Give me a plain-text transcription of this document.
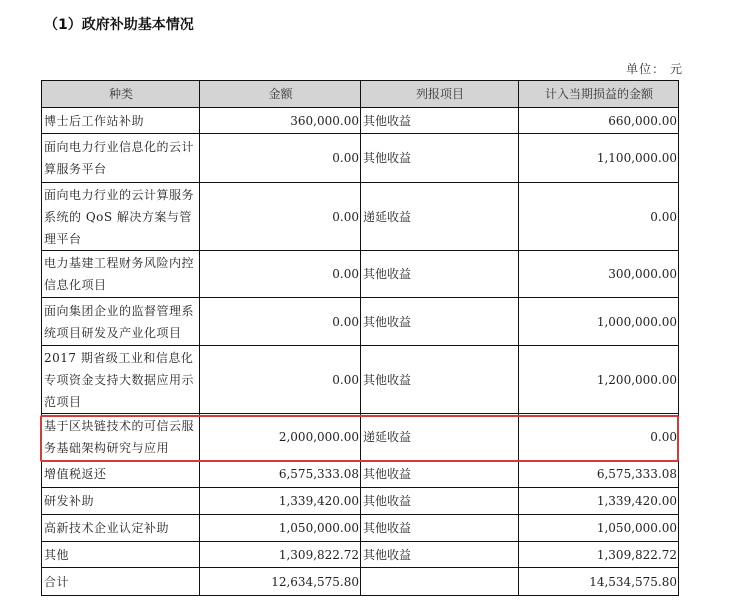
（1）政府补助基本情况
单位： 元
种类	金额	列报项目	计入当期损益的金额
博士后工作站补助	360,000.00	其他收益	660,000.00
面向电力行业信息化的云计算服务平台	0.00	其他收益	1,100,000.00
面向电力行业的云计算服务系统的 QoS 解决方案与管理平台	0.00	递延收益	0.00
电力基建工程财务风险内控信息化项目	0.00	其他收益	300,000.00
面向集团企业的监督管理系统项目研发及产业化项目	0.00	其他收益	1,000,000.00
2017 期省级工业和信息化专项资金支持大数据应用示范项目	0.00	其他收益	1,200,000.00
基于区块链技术的可信云服务基础架构研究与应用	2,000,000.00	递延收益	0.00
增值税返还	6,575,333.08	其他收益	6,575,333.08
研发补助	1,339,420.00	其他收益	1,339,420.00
高新技术企业认定补助	1,050,000.00	其他收益	1,050,000.00
其他	1,309,822.72	其他收益	1,309,822.72
合计	12,634,575.80		14,534,575.80
